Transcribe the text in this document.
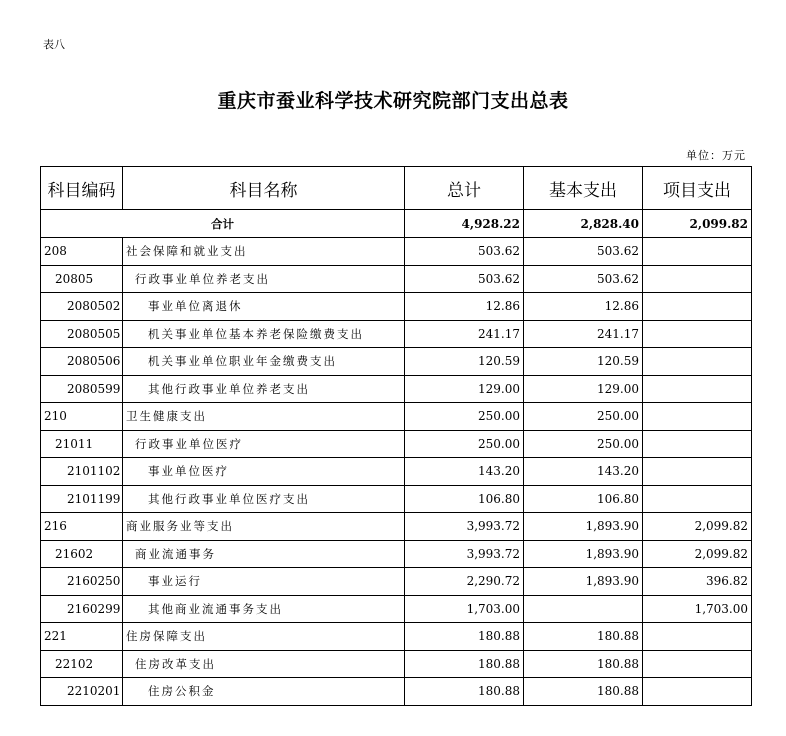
表八
重庆市蚕业科学技术研究院部门支出总表
单位：万元
科目编码	科目名称	总计	基本支出	项目支出
合计		4,928.22	2,828.40	2,099.82
208	社会保障和就业支出	503.62	503.62	
20805	行政事业单位养老支出	503.62	503.62	
2080502	事业单位离退休	12.86	12.86	
2080505	机关事业单位基本养老保险缴费支出	241.17	241.17	
2080506	机关事业单位职业年金缴费支出	120.59	120.59	
2080599	其他行政事业单位养老支出	129.00	129.00	
210	卫生健康支出	250.00	250.00	
21011	行政事业单位医疗	250.00	250.00	
2101102	事业单位医疗	143.20	143.20	
2101199	其他行政事业单位医疗支出	106.80	106.80	
216	商业服务业等支出	3,993.72	1,893.90	2,099.82
21602	商业流通事务	3,993.72	1,893.90	2,099.82
2160250	事业运行	2,290.72	1,893.90	396.82
2160299	其他商业流通事务支出	1,703.00		1,703.00
221	住房保障支出	180.88	180.88	
22102	住房改革支出	180.88	180.88	
2210201	住房公积金	180.88	180.88	
